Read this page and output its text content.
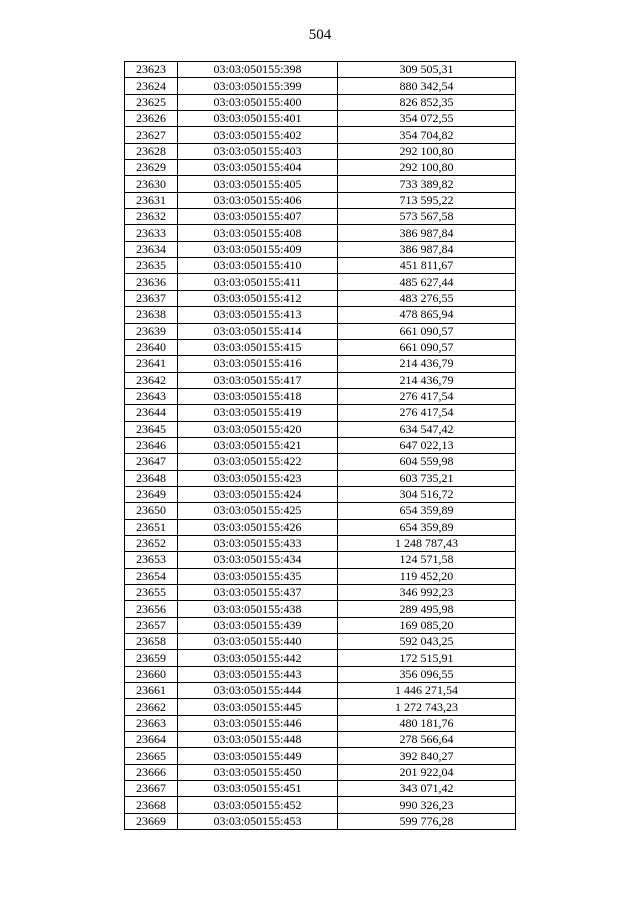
504
23623	03:03:050155:398	309 505,31
23624	03:03:050155:399	880 342,54
23625	03:03:050155:400	826 852,35
23626	03:03:050155:401	354 072,55
23627	03:03:050155:402	354 704,82
23628	03:03:050155:403	292 100,80
23629	03:03:050155:404	292 100,80
23630	03:03:050155:405	733 389,82
23631	03:03:050155:406	713 595,22
23632	03:03:050155:407	573 567,58
23633	03:03:050155:408	386 987,84
23634	03:03:050155:409	386 987,84
23635	03:03:050155:410	451 811,67
23636	03:03:050155:411	485 627,44
23637	03:03:050155:412	483 276,55
23638	03:03:050155:413	478 865,94
23639	03:03:050155:414	661 090,57
23640	03:03:050155:415	661 090,57
23641	03:03:050155:416	214 436,79
23642	03:03:050155:417	214 436,79
23643	03:03:050155:418	276 417,54
23644	03:03:050155:419	276 417,54
23645	03:03:050155:420	634 547,42
23646	03:03:050155:421	647 022,13
23647	03:03:050155:422	604 559,98
23648	03:03:050155:423	603 735,21
23649	03:03:050155:424	304 516,72
23650	03:03:050155:425	654 359,89
23651	03:03:050155:426	654 359,89
23652	03:03:050155:433	1 248 787,43
23653	03:03:050155:434	124 571,58
23654	03:03:050155:435	119 452,20
23655	03:03:050155:437	346 992,23
23656	03:03:050155:438	289 495,98
23657	03:03:050155:439	169 085,20
23658	03:03:050155:440	592 043,25
23659	03:03:050155:442	172 515,91
23660	03:03:050155:443	356 096,55
23661	03:03:050155:444	1 446 271,54
23662	03:03:050155:445	1 272 743,23
23663	03:03:050155:446	480 181,76
23664	03:03:050155:448	278 566,64
23665	03:03:050155:449	392 840,27
23666	03:03:050155:450	201 922,04
23667	03:03:050155:451	343 071,42
23668	03:03:050155:452	990 326,23
23669	03:03:050155:453	599 776,28
